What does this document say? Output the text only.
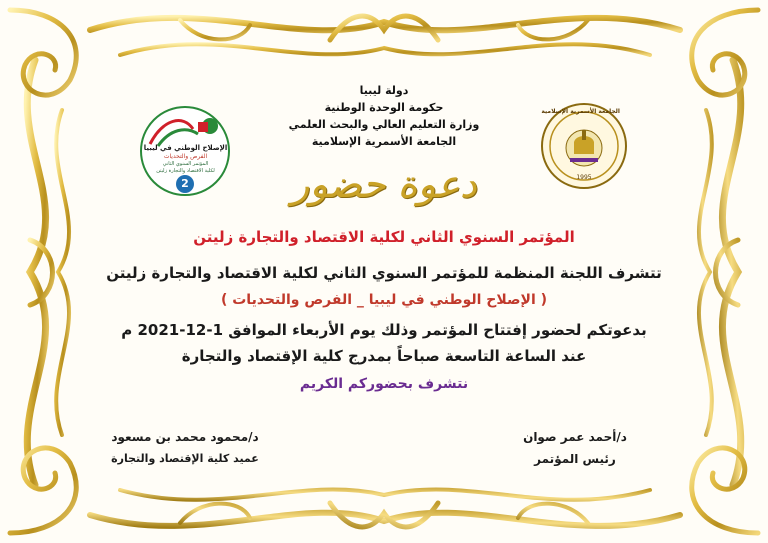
دولة ليبيا
حكومة الوحدة الوطنية
وزارة التعليم العالي والبحث العلمي
الجامعة الأسمرية الإسلامية
الإصلاح الوطني في ليبيا
الفرص والتحديات
المؤتمر السنوي الثاني
لكلية الاقتصاد والتجارة زليتن
2
الجامعة الأسمرية الإسلامية
1995
دعوة حضور
المؤتمر السنوي الثاني لكلية الاقتصاد والتجارة زليتن
تتشرف اللجنة المنظمة للمؤتمر السنوي الثاني لكلية الاقتصاد والتجارة زليتن
( الإصلاح الوطني في ليبيا _ الفرص والتحديات )
بدعوتكم لحضور إفتتاح المؤتمر وذلك يوم الأربعاء الموافق 1-12-2021 م
عند الساعة التاسعة صباحاً بمدرج كلية الإقتصاد والتجارة
نتشرف بحضوركم الكريم
د/محمود محمد بن مسعود
عميد كلية الإقتصاد والتجارة
د/أحمد عمر صوان
رئيس المؤتمر
